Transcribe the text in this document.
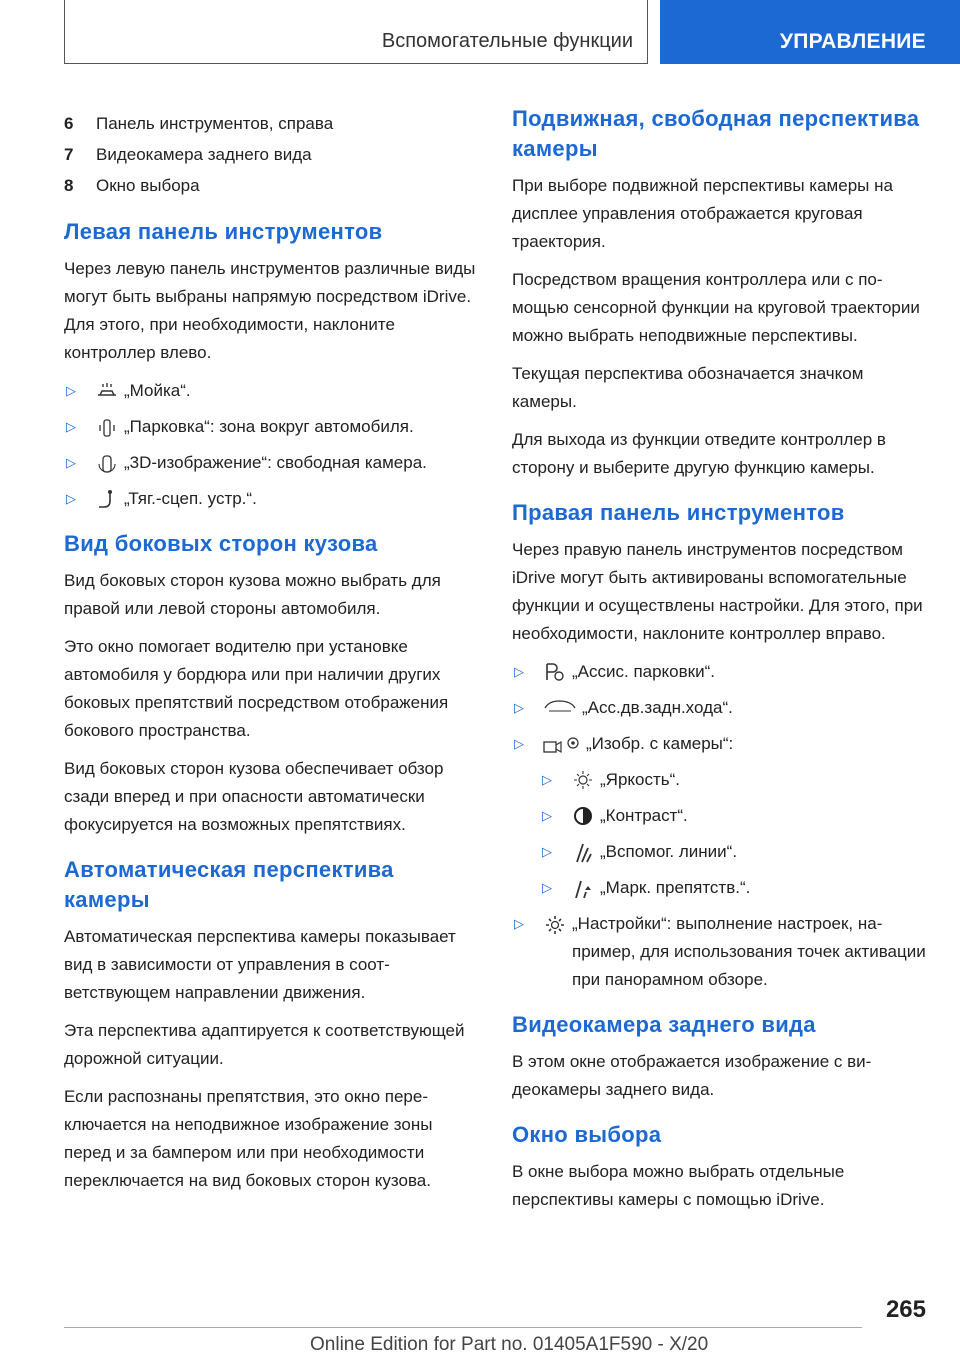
Вспомогательные функции	УПРАВЛЕНИЕ
6	Панель инструментов, справа
7	Видеокамера заднего вида
8	Окно выбора
Левая панель инструментов

Через левую панель инструментов различные виды могут быть выбраны напрямую посредством iDrive. Для этого, при необходимости, наклоните контроллер влево.

▷	„Мойка“.
▷	„Парковка“: зона вокруг автомобиля.
▷	„3D-изображение“: свободная камера.
▷	„Тяг.-сцеп. устр.“.
Вид боковых сторон кузова

Вид боковых сторон кузова можно выбрать для правой или левой стороны автомобиля.

Это окно помогает водителю при установке автомобиля у бордюра или при наличии других боковых препятствий посредством отображения бокового пространства.

Вид боковых сторон кузова обеспечивает обзор сзади вперед и при опасности автоматически фокусируется на возможных препятствиях.

Автоматическая перспектива камеры

Автоматическая перспектива камеры показывает вид в зависимости от управления в соответствующем направлении движения.

Эта перспектива адаптируется к соответствующей дорожной ситуации.

Если распознаны препятствия, это окно переключается на неподвижное изображение зоны перед и за бампером или при необходимости переключается на вид боковых сторон кузова.

Подвижная, свободная перспектива камеры

При выборе подвижной перспективы камеры на дисплее управления отображается круговая траектория.

Посредством вращения контроллера или с помощью сенсорной функции на круговой траектории можно выбрать неподвижные перспективы.

Текущая перспектива обозначается значком камеры.

Для выхода из функции отведите контроллер в сторону и выберите другую функцию камеры.

Правая панель инструментов

Через правую панель инструментов посредством iDrive могут быть активированы вспомогательные функции и осуществлены настройки. Для этого, при необходимости, наклоните контроллер вправо.

▷	„Ассис. парковки“.
▷	„Асс.дв.задн.хода“.
▷	„Изобр. с камеры“:
▷	„Яркость“.
▷	„Контраст“.
▷	„Вспомог. линии“.
▷	„Марк. препятств.“.
▷	„Настройки“: выполнение настроек, например, для использования точек активации при панорамном обзоре.
Видеокамера заднего вида

В этом окне отображается изображение с видеокамеры заднего вида.

Окно выбора

В окне выбора можно выбрать отдельные перспективы камеры с помощью iDrive.

265
Online Edition for Part no. 01405A1F590 - X/20
